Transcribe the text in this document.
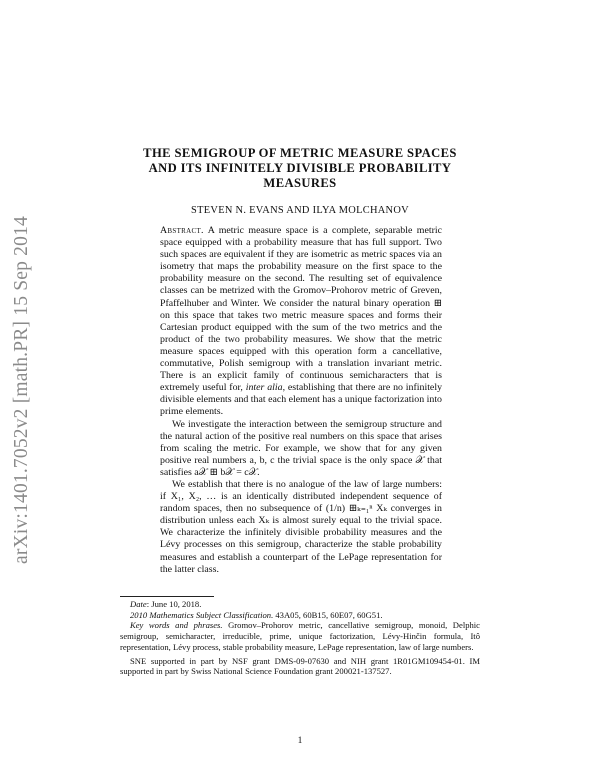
arXiv:1401.7052v2 [math.PR] 15 Sep 2014
THE SEMIGROUP OF METRIC MEASURE SPACES
AND ITS INFINITELY DIVISIBLE PROBABILITY
MEASURES
STEVEN N. EVANS AND ILYA MOLCHANOV

Abstract. A metric measure space is a complete, separable metric space equipped with a probability measure that has full support. Two such spaces are equivalent if they are isometric as metric spaces via an isometry that maps the probability measure on the first space to the probability measure on the second. The resulting set of equivalence classes can be metrized with the Gromov–Prohorov metric of Greven, Pfaffelhuber and Winter. We consider the natural binary operation ⊞ on this space that takes two metric measure spaces and forms their Cartesian product equipped with the sum of the two metrics and the product of the two probability measures. We show that the metric measure spaces equipped with this operation form a cancellative, commutative, Polish semigroup with a translation invariant metric. There is an explicit family of continuous semicharacters that is extremely useful for, inter alia, establishing that there are no infinitely divisible elements and that each element has a unique factorization into prime elements.

We investigate the interaction between the semigroup structure and the natural action of the positive real numbers on this space that arises from scaling the metric. For example, we show that for any given positive real numbers a, b, c the trivial space is the only space 𝒳 that satisfies a𝒳 ⊞ b𝒳 = c𝒳.

We establish that there is no analogue of the law of large numbers: if X₁, X₂, … is an identically distributed independent sequence of random spaces, then no subsequence of (1/n) ⊞ₖ₌₁ⁿ Xₖ converges in distribution unless each Xₖ is almost surely equal to the trivial space. We characterize the infinitely divisible probability measures and the Lévy processes on this semigroup, characterize the stable probability measures and establish a counterpart of the LePage representation for the latter class.

Date: June 10, 2018.

2010 Mathematics Subject Classification. 43A05, 60B15, 60E07, 60G51.

Key words and phrases. Gromov–Prohorov metric, cancellative semigroup, monoid, Delphic semigroup, semicharacter, irreducible, prime, unique factorization, Lévy-Hinčin formula, Itô representation, Lévy process, stable probability measure, LePage representation, law of large numbers.

SNE supported in part by NSF grant DMS-09-07630 and NIH grant 1R01GM109454-01. IM supported in part by Swiss National Science Foundation grant 200021-137527.

1
